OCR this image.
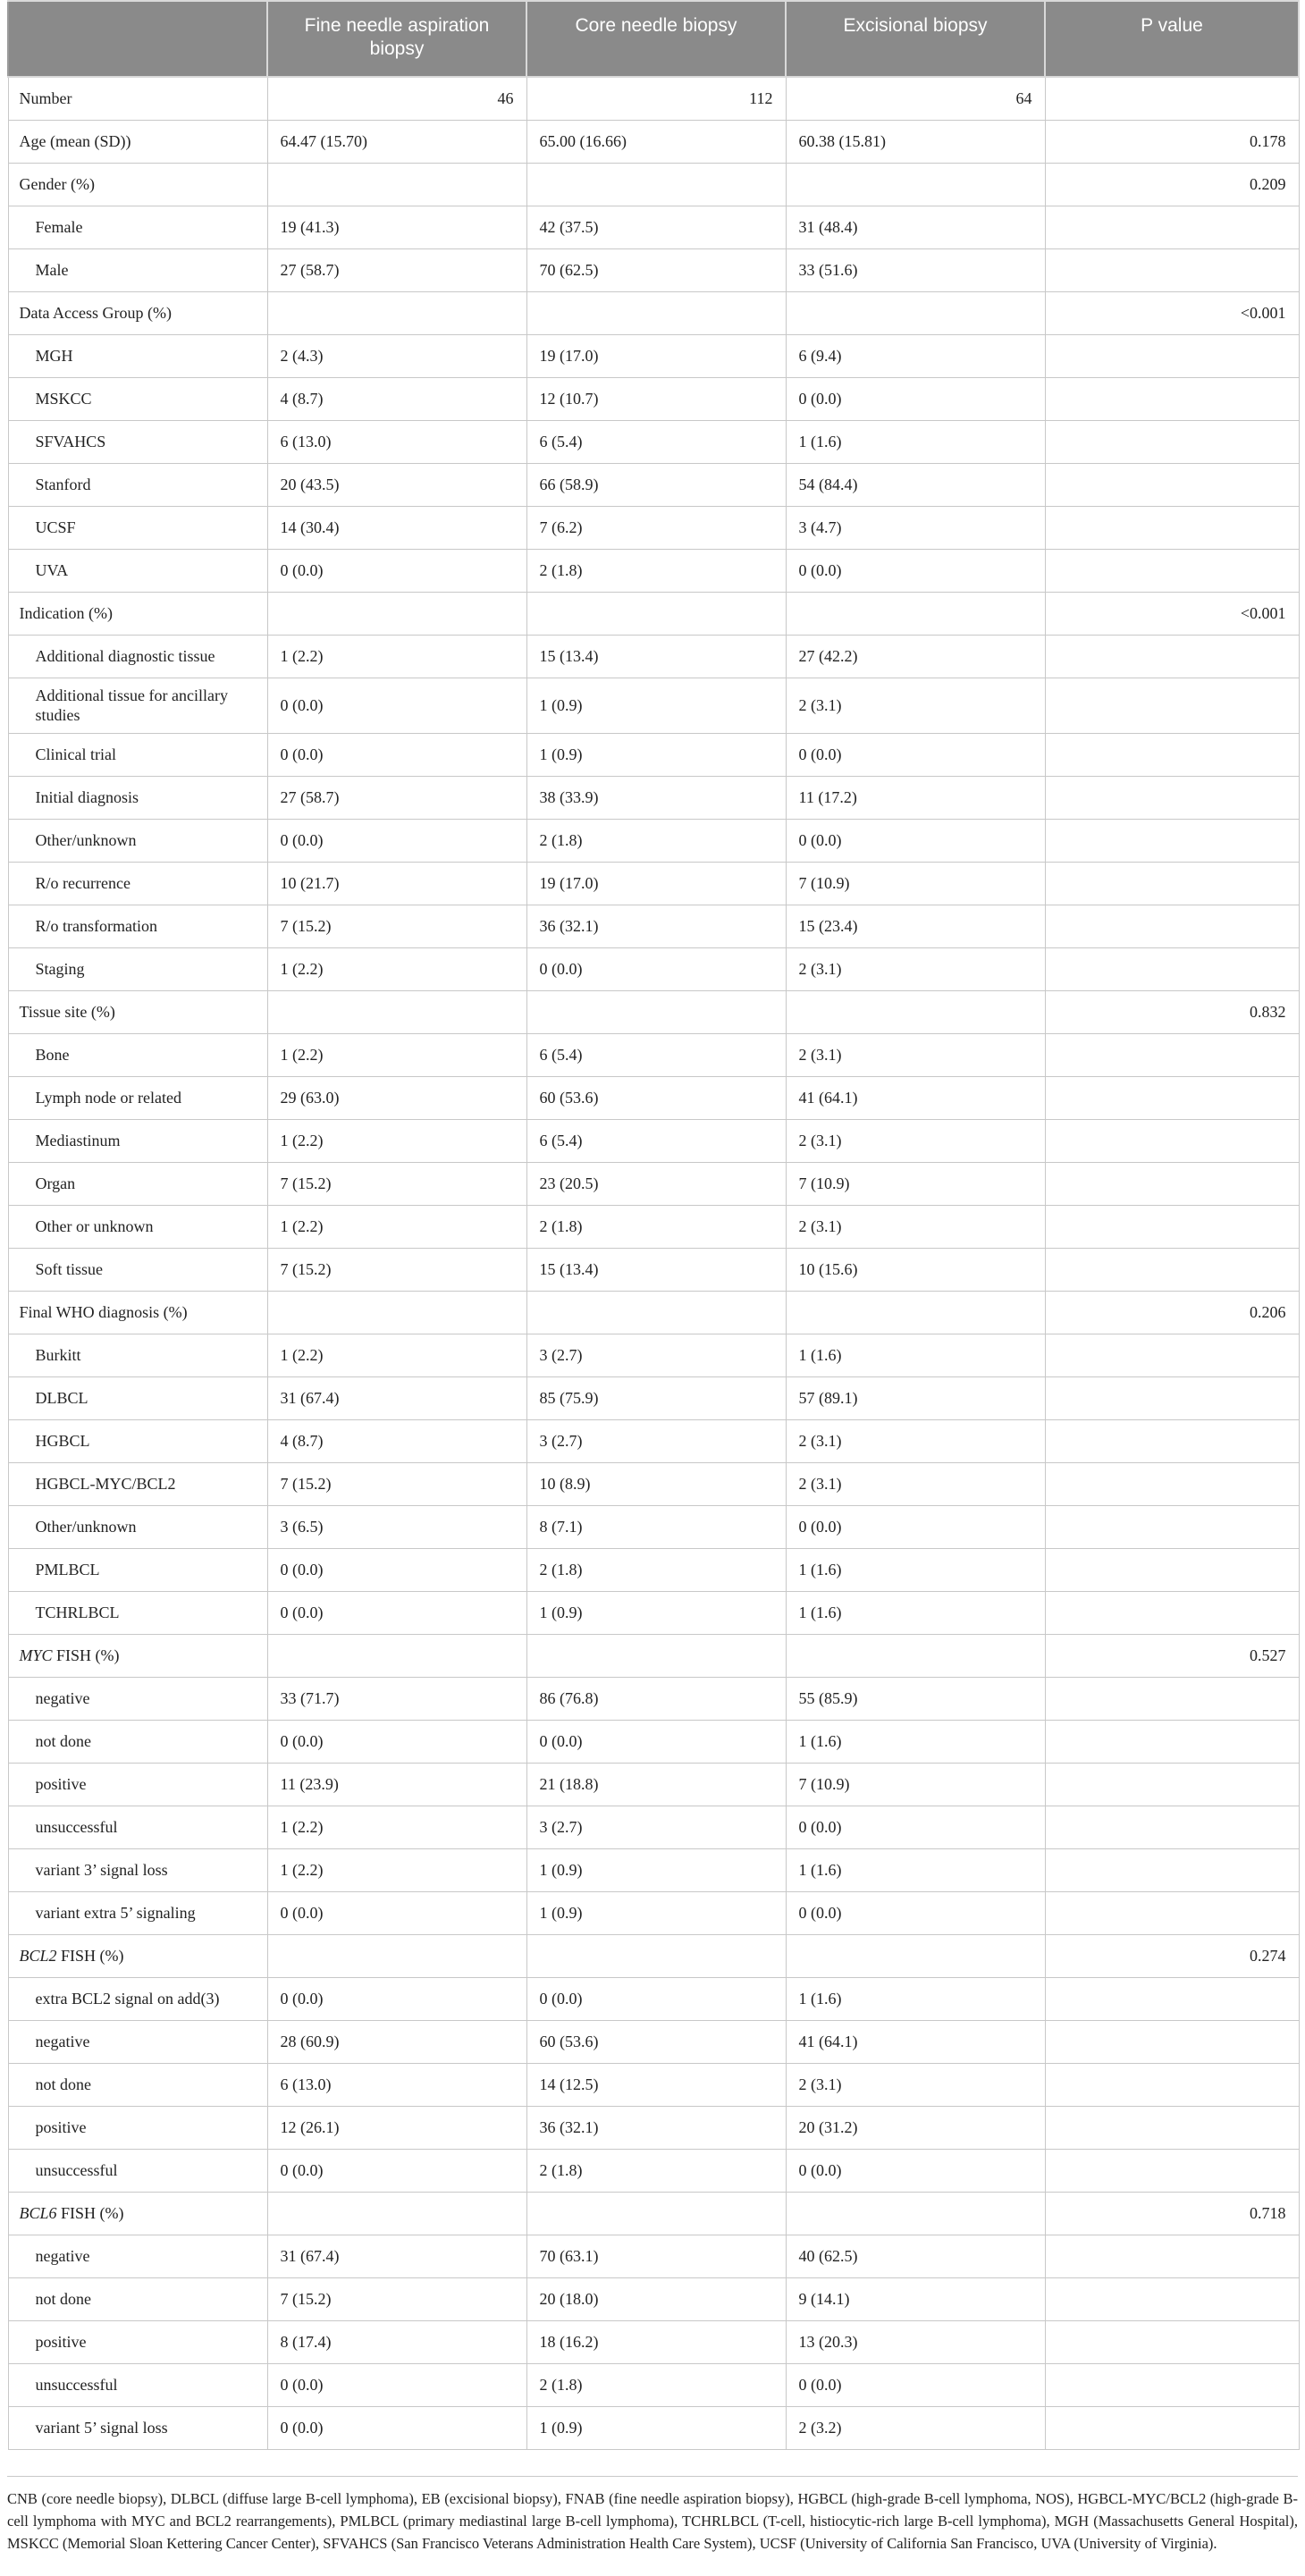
	Fine needle aspiration biopsy	Core needle biopsy	Excisional biopsy	P value
Number	46	112	64	
Age (mean (SD))	64.47 (15.70)	65.00 (16.66)	60.38 (15.81)	0.178
Gender (%)				0.209
Female	19 (41.3)	42 (37.5)	31 (48.4)	
Male	27 (58.7)	70 (62.5)	33 (51.6)	
Data Access Group (%)				<0.001
MGH	2 (4.3)	19 (17.0)	6 (9.4)	
MSKCC	4 (8.7)	12 (10.7)	0 (0.0)	
SFVAHCS	6 (13.0)	6 (5.4)	1 (1.6)	
Stanford	20 (43.5)	66 (58.9)	54 (84.4)	
UCSF	14 (30.4)	7 (6.2)	3 (4.7)	
UVA	0 (0.0)	2 (1.8)	0 (0.0)	
Indication (%)				<0.001
Additional diagnostic tissue	1 (2.2)	15 (13.4)	27 (42.2)	
Additional tissue for ancillary studies	0 (0.0)	1 (0.9)	2 (3.1)	
Clinical trial	0 (0.0)	1 (0.9)	0 (0.0)	
Initial diagnosis	27 (58.7)	38 (33.9)	11 (17.2)	
Other/unknown	0 (0.0)	2 (1.8)	0 (0.0)	
R/o recurrence	10 (21.7)	19 (17.0)	7 (10.9)	
R/o transformation	7 (15.2)	36 (32.1)	15 (23.4)	
Staging	1 (2.2)	0 (0.0)	2 (3.1)	
Tissue site (%)				0.832
Bone	1 (2.2)	6 (5.4)	2 (3.1)	
Lymph node or related	29 (63.0)	60 (53.6)	41 (64.1)	
Mediastinum	1 (2.2)	6 (5.4)	2 (3.1)	
Organ	7 (15.2)	23 (20.5)	7 (10.9)	
Other or unknown	1 (2.2)	2 (1.8)	2 (3.1)	
Soft tissue	7 (15.2)	15 (13.4)	10 (15.6)	
Final WHO diagnosis (%)				0.206
Burkitt	1 (2.2)	3 (2.7)	1 (1.6)	
DLBCL	31 (67.4)	85 (75.9)	57 (89.1)	
HGBCL	4 (8.7)	3 (2.7)	2 (3.1)	
HGBCL-MYC/BCL2	7 (15.2)	10 (8.9)	2 (3.1)	
Other/unknown	3 (6.5)	8 (7.1)	0 (0.0)	
PMLBCL	0 (0.0)	2 (1.8)	1 (1.6)	
TCHRLBCL	0 (0.0)	1 (0.9)	1 (1.6)	
MYC FISH (%)				0.527
negative	33 (71.7)	86 (76.8)	55 (85.9)	
not done	0 (0.0)	0 (0.0)	1 (1.6)	
positive	11 (23.9)	21 (18.8)	7 (10.9)	
unsuccessful	1 (2.2)	3 (2.7)	0 (0.0)	
variant 3’ signal loss	1 (2.2)	1 (0.9)	1 (1.6)	
variant extra 5’ signaling	0 (0.0)	1 (0.9)	0 (0.0)	
BCL2 FISH (%)				0.274
extra BCL2 signal on add(3)	0 (0.0)	0 (0.0)	1 (1.6)	
negative	28 (60.9)	60 (53.6)	41 (64.1)	
not done	6 (13.0)	14 (12.5)	2 (3.1)	
positive	12 (26.1)	36 (32.1)	20 (31.2)	
unsuccessful	0 (0.0)	2 (1.8)	0 (0.0)	
BCL6 FISH (%)				0.718
negative	31 (67.4)	70 (63.1)	40 (62.5)	
not done	7 (15.2)	20 (18.0)	9 (14.1)	
positive	8 (17.4)	18 (16.2)	13 (20.3)	
unsuccessful	0 (0.0)	2 (1.8)	0 (0.0)	
variant 5’ signal loss	0 (0.0)	1 (0.9)	2 (3.2)	
CNB (core needle biopsy), DLBCL (diffuse large B-cell lymphoma), EB (excisional biopsy), FNAB (fine needle aspiration biopsy), HGBCL (high-grade B-cell lymphoma, NOS), HGBCL-MYC/BCL2 (high-grade B-cell lymphoma with MYC and BCL2 rearrangements), PMLBCL (primary mediastinal large B-cell lymphoma), TCHRLBCL (T-cell, histiocytic-rich large B-cell lymphoma), MGH (Massachusetts General Hospital), MSKCC (Memorial Sloan Kettering Cancer Center), SFVAHCS (San Francisco Veterans Administration Health Care System), UCSF (University of California San Francisco, UVA (University of Virginia).
